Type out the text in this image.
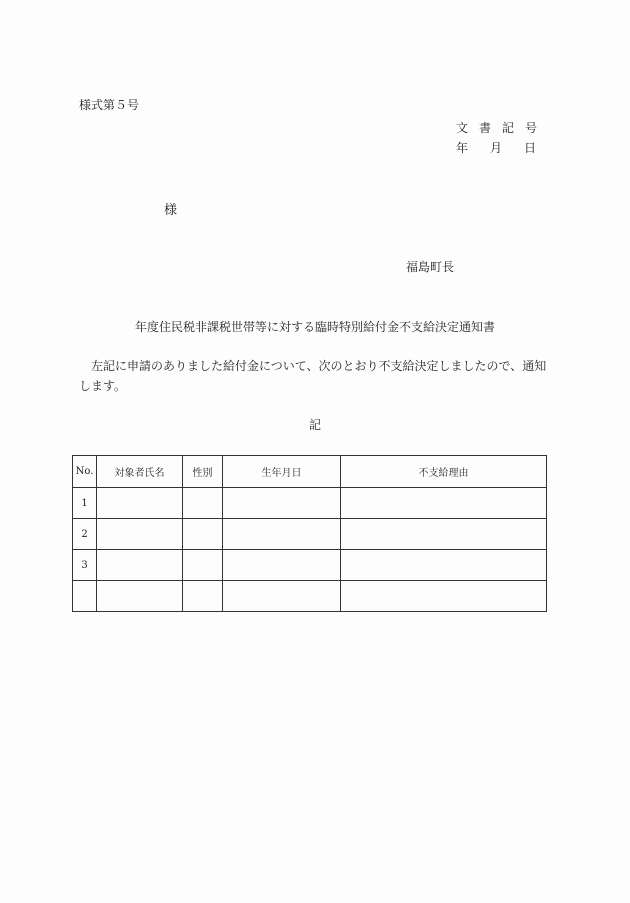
様式第５号
文書記号
年月日
様
福島町長
年度住民税非課税世帯等に対する臨時特別給付金不支給決定通知書
左記に申請のありました給付金について、次のとおり不支給決定しましたので、通知します。
記
No.	対象者氏名	性別	生年月日	不支給理由
1				
2				
3				
